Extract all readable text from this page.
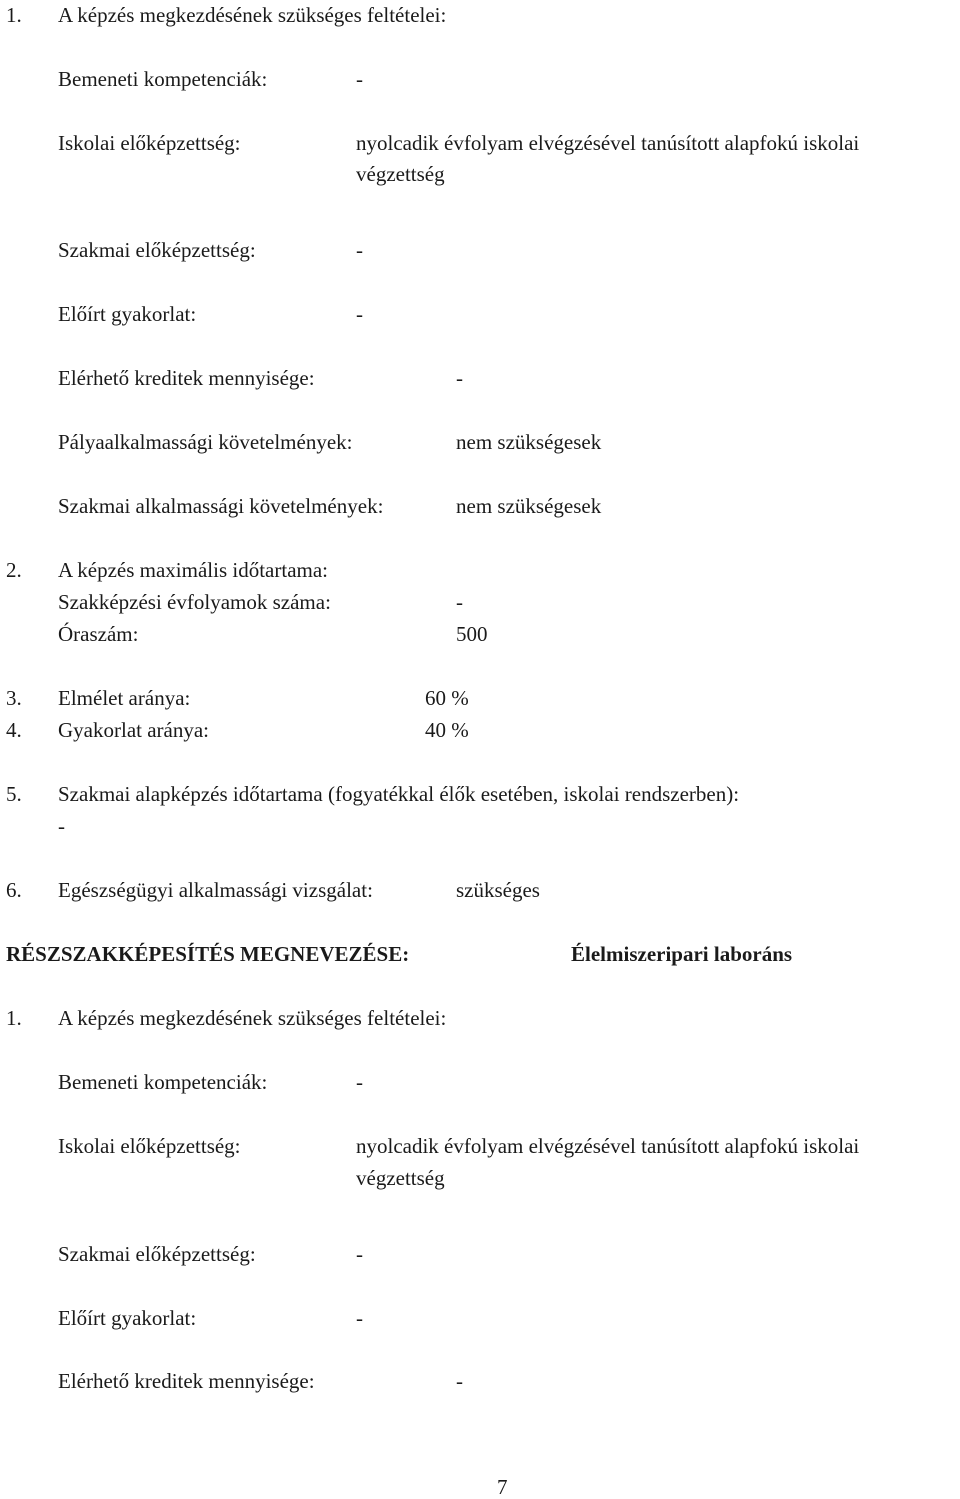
1. A képzés megkezdésének szükséges feltételei:
Bemeneti kompetenciák:	-
Iskolai előképzettség:	nyolcadik évfolyam elvégzésével tanúsított alapfokú iskolai
végzettség
Szakmai előképzettség:	-
Előírt gyakorlat:	-
Elérhető kreditek mennyisége:	-
Pályaalkalmassági követelmények:	nem szükségesek
Szakmai alkalmassági követelmények:	nem szükségesek
2. A képzés maximális időtartama:
Szakképzési évfolyamok száma:	-
Óraszám:	500
3. Elmélet aránya:	60 %
4. Gyakorlat aránya:	40 %
5. Szakmai alapképzés időtartama (fogyatékkal élők esetében, iskolai rendszerben):
-
6. Egészségügyi alkalmassági vizsgálat:	szükséges
RÉSZSZAKKÉPESÍTÉS MEGNEVEZÉSE:	Élelmiszeripari laboráns
1. A képzés megkezdésének szükséges feltételei:
Bemeneti kompetenciák:	-
Iskolai előképzettség:	nyolcadik évfolyam elvégzésével tanúsított alapfokú iskolai
végzettség
Szakmai előképzettség:	-
Előírt gyakorlat:	-
Elérhető kreditek mennyisége:	-
7
